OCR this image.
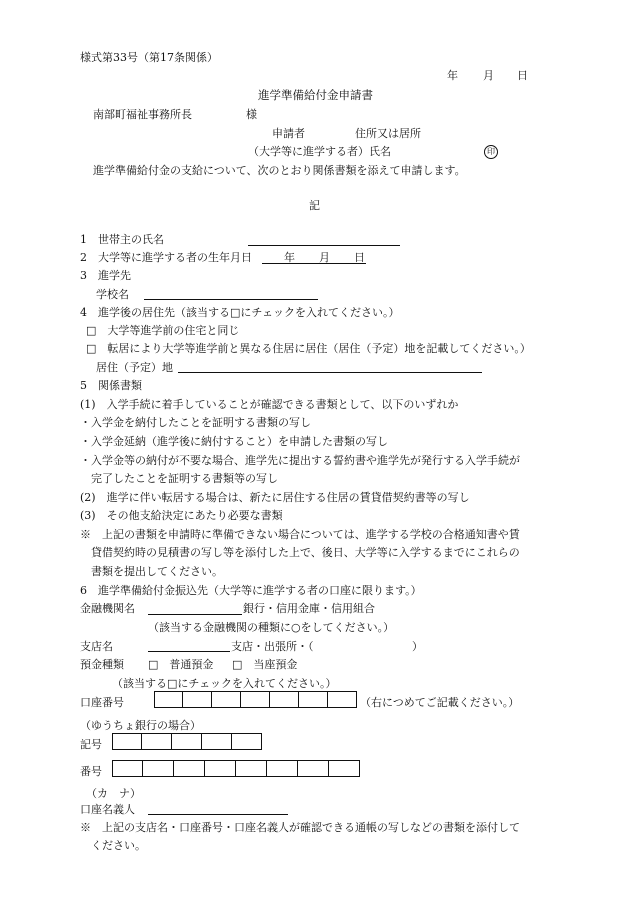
様式第33号（第17条関係）
年 月 日
進学準備給付金申請書
南部町福祉事務所長	様
申請者	住所又は居所
（大学等に進学する者）氏名	印
進学準備給付金の支給について、次のとおり関係書類を添えて申請します。
記
1　世帯主の氏名
2　大学等に進学する者の生年月日	年 月 日
3　進学先
学校名
4　進学後の居住先（該当する□にチェックを入れてください。）
□　大学等進学前の住宅と同じ
□　転居により大学等進学前と異なる住居に居住（居住（予定）地を記載してください。）
居住（予定）地
5　関係書類
(1)　入学手続に着手していることが確認できる書類として、以下のいずれか
・入学金を納付したことを証明する書類の写し
・入学金延納（進学後に納付すること）を申請した書類の写し
・入学金等の納付が不要な場合、進学先に提出する誓約書や進学先が発行する入学手続が
完了したことを証明する書類等の写し
(2)　進学に伴い転居する場合は、新たに居住する住居の賃貸借契約書等の写し
(3)　その他支給決定にあたり必要な書類
※　上記の書類を申請時に準備できない場合については、進学する学校の合格通知書や賃
貸借契約時の見積書の写し等を添付した上で、後日、大学等に入学するまでにこれらの
書類を提出してください。
6　進学準備給付金振込先（大学等に進学する者の口座に限ります。）
金融機関名	銀行・信用金庫・信用組合
（該当する金融機関の種類に○をしてください。）
支店名	支店・出張所・（	）
預金種類 □　普通預金 □　当座預金
（該当する□にチェックを入れてください。）
口座番号	（右につめてご記載ください。）
（ゆうちょ銀行の場合）
記号
番号
（カ　ナ）
口座名義人
※　上記の支店名・口座番号・口座名義人が確認できる通帳の写しなどの書類を添付して
ください。
